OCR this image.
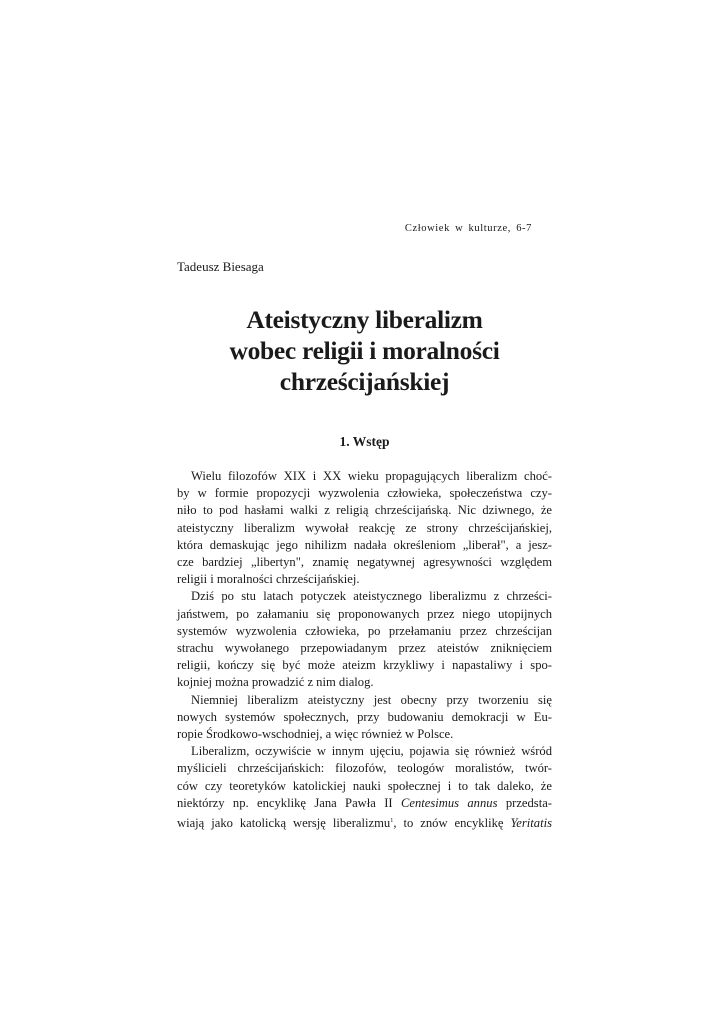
Człowiek w kulturze, 6-7
Tadeusz Biesaga
Ateistyczny liberalizm
wobec religii i moralności
chrześcijańskiej
1. Wstęp
Wielu filozofów XIX i XX wieku propagujących liberalizm choć-
by w formie propozycji wyzwolenia człowieka, społeczeństwa czy-
niło to pod hasłami walki z religią chrześcijańską. Nic dziwnego, że
ateistyczny liberalizm wywołał reakcję ze strony chrześcijańskiej,
która demaskując jego nihilizm nadała określeniom „liberał", a jesz-
cze bardziej „libertyn", znamię negatywnej agresywności względem
religii i moralności chrześcijańskiej.
Dziś po stu latach potyczek ateistycznego liberalizmu z chrześci-
jaństwem, po załamaniu się proponowanych przez niego utopijnych
systemów wyzwolenia człowieka, po przełamaniu przez chrześcijan
strachu wywołanego przepowiadanym przez ateistów zniknięciem
religii, kończy się być może ateizm krzykliwy i napastaliwy i spo-
kojniej można prowadzić z nim dialog.
Niemniej liberalizm ateistyczny jest obecny przy tworzeniu się
nowych systemów społecznych, przy budowaniu demokracji w Eu-
ropie Środkowo-wschodniej, a więc również w Polsce.
Liberalizm, oczywiście w innym ujęciu, pojawia się również wśród
myślicieli chrześcijańskich: filozofów, teologów moralistów, twór-
ców czy teoretyków katolickiej nauki społecznej i to tak daleko, że
niektórzy np. encyklikę Jana Pawła II Centesimus annus przedsta-
wiają jako katolicką wersję liberalizmu$^1$, to znów encyklikę Yeritatis
